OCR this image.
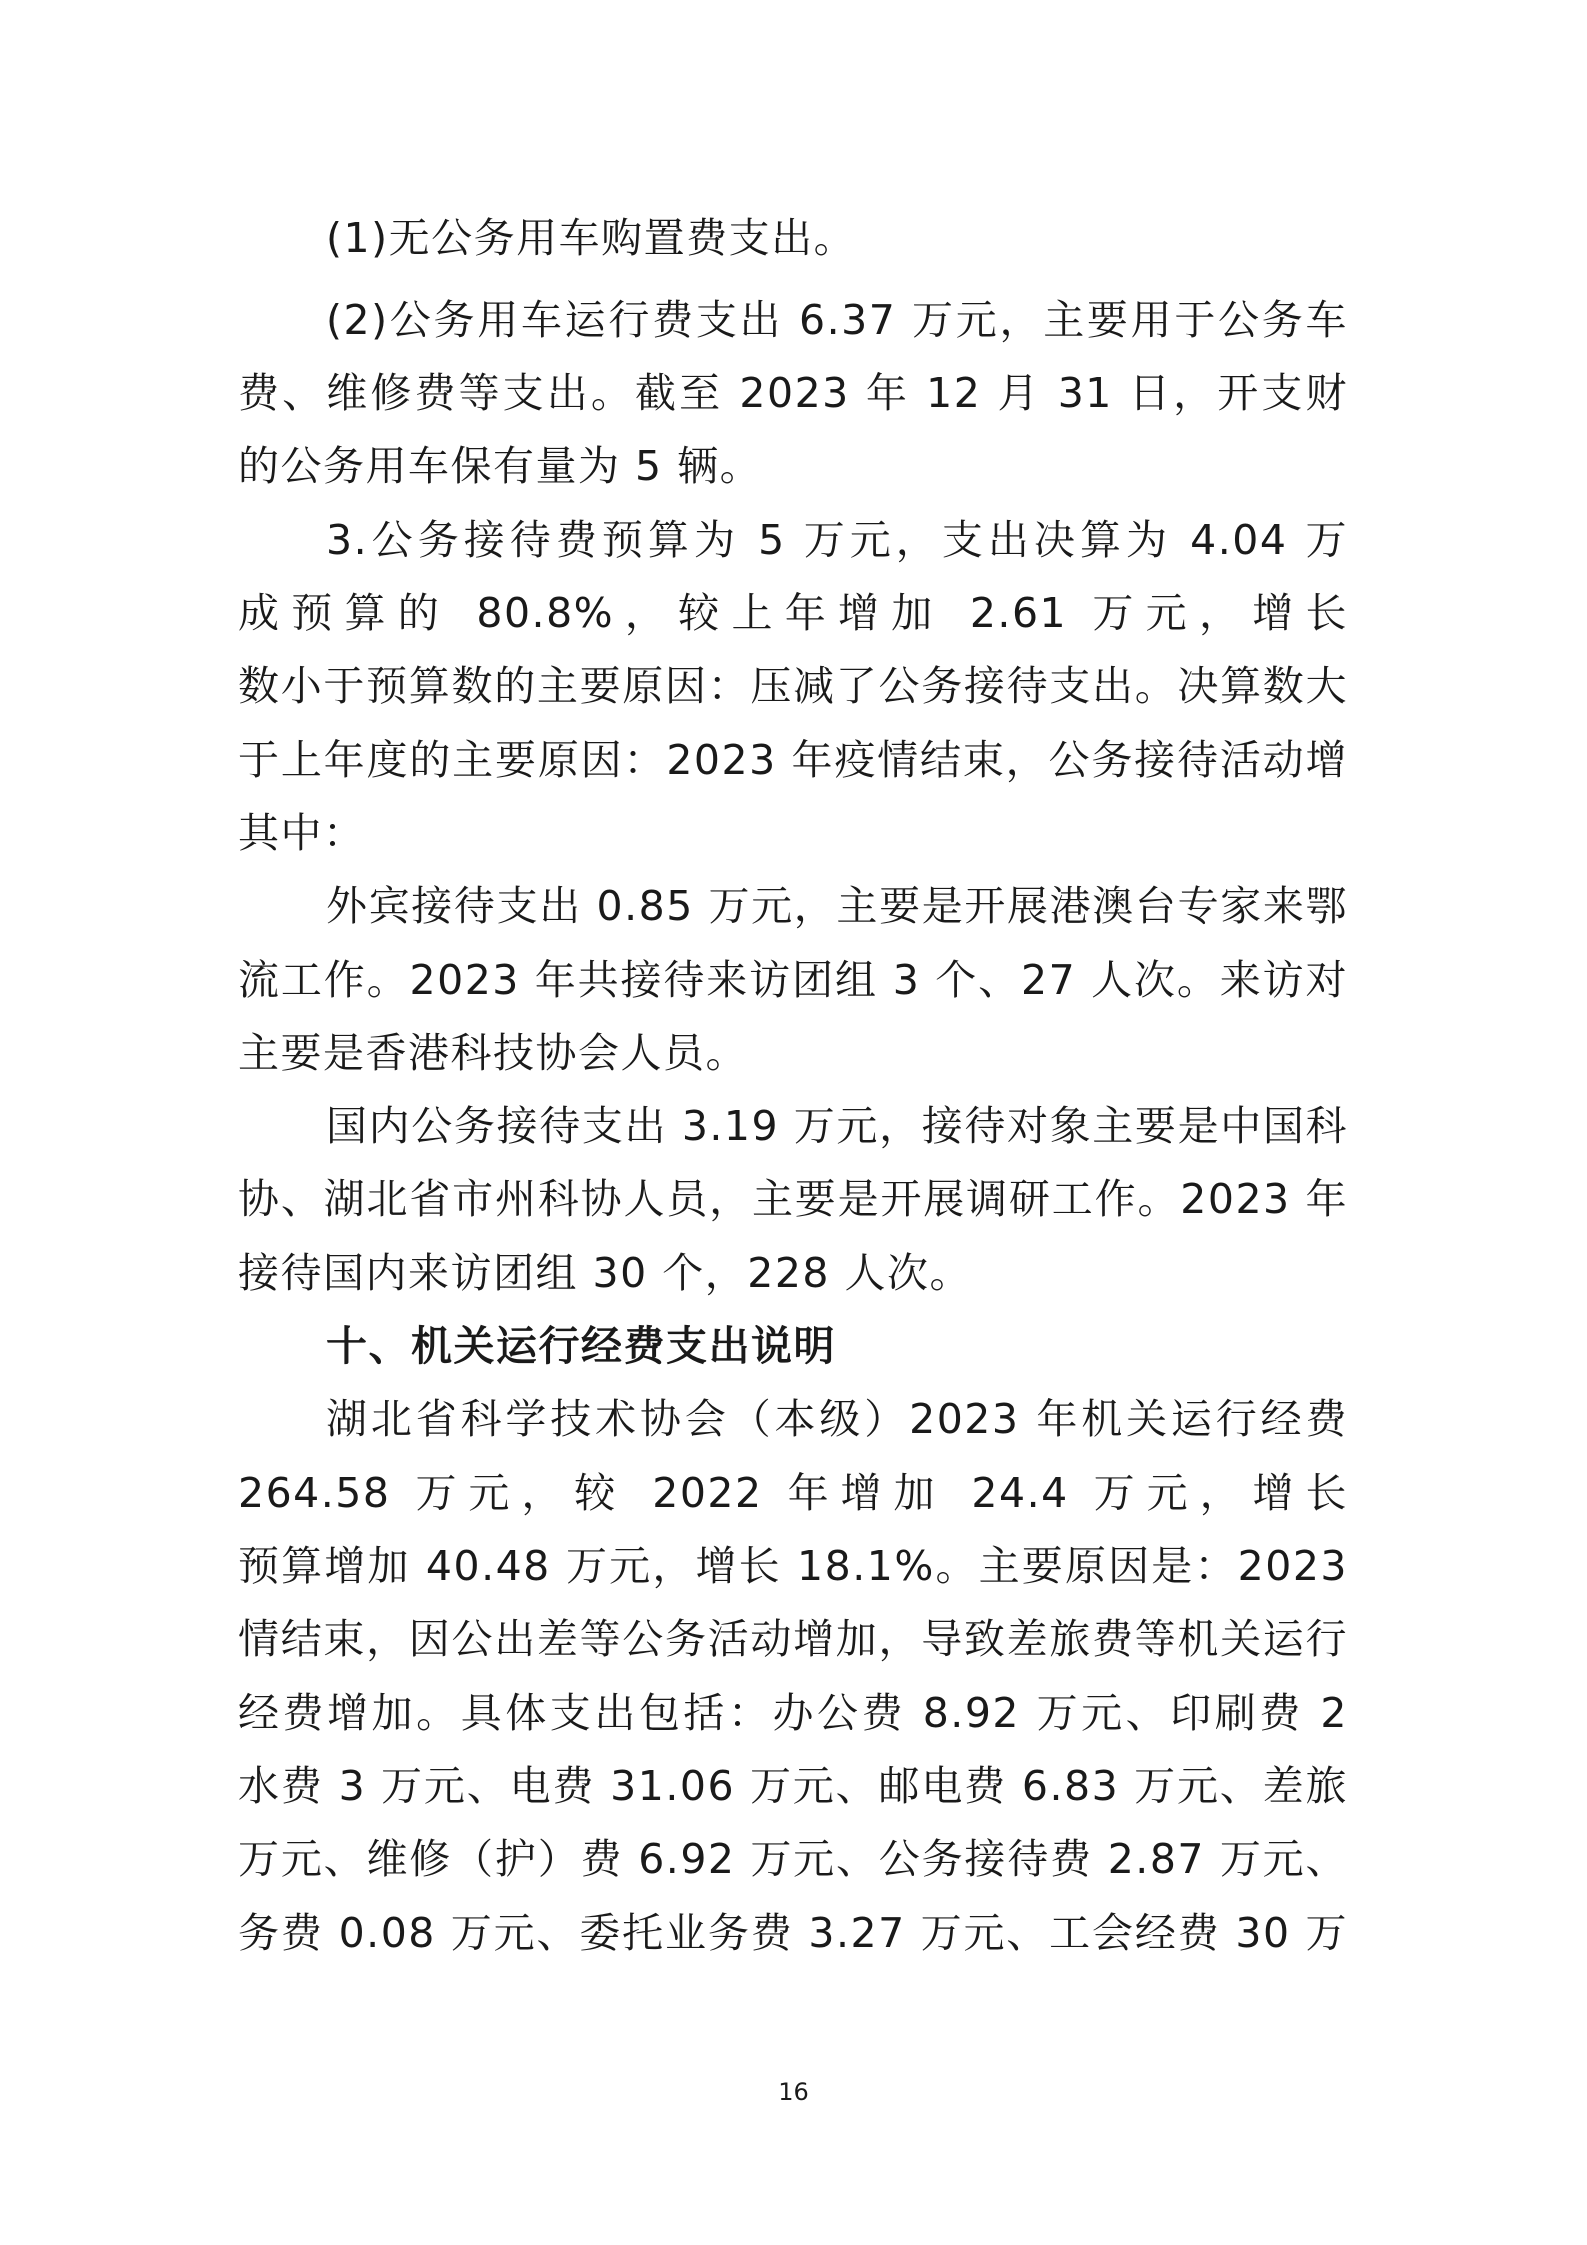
(1)无公务用车购置费支出。
(2)公务用车运行费支出 6.37 万元，主要用于公务车
费、维修费等支出。截至 2023 年 12 月 31 日，开支财
的公务用车保有量为 5 辆。
3.公务接待费预算为 5 万元，支出决算为 4.04 万
成预算的 80.8%，较上年增加 2.61 万元，增长
数小于预算数的主要原因：压减了公务接待支出。决算数大
于上年度的主要原因：2023 年疫情结束，公务接待活动增
其中：
外宾接待支出 0.85 万元，主要是开展港澳台专家来鄂
流工作。2023 年共接待来访团组 3 个、27 人次。来访对
主要是香港科技协会人员。
国内公务接待支出 3.19 万元，接待对象主要是中国科
协、湖北省市州科协人员，主要是开展调研工作。2023 年
接待国内来访团组 30 个，228 人次。
十、机关运行经费支出说明
湖北省科学技术协会（本级）2023 年机关运行经费
264.58 万元，较 2022 年增加 24.4 万元，增长
预算增加 40.48 万元，增长 18.1%。主要原因是：2023
情结束，因公出差等公务活动增加，导致差旅费等机关运行
经费增加。具体支出包括：办公费 8.92 万元、印刷费 2
水费 3 万元、电费 31.06 万元、邮电费 6.83 万元、差旅
万元、维修（护）费 6.92 万元、公务接待费 2.87 万元、
务费 0.08 万元、委托业务费 3.27 万元、工会经费 30 万
16
